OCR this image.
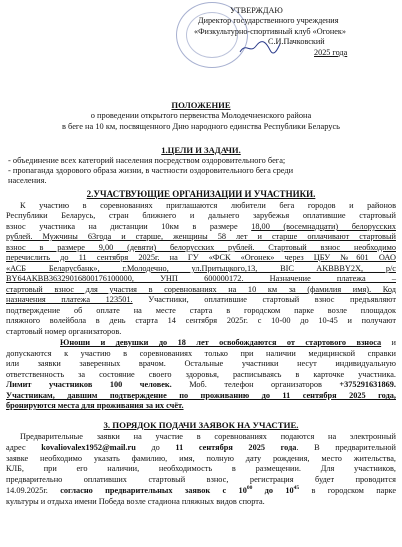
УТВЕРЖДАЮ
Директор государственного учреждения
«Физкультурно-спортивный клуб «Огонек»
С.И.Пачковский
2025 года
ПОЛОЖЕНИЕ
о проведении открытого первенства Молодечненского района
в беге на 10 км, посвященного Дню народного единства Республики Беларусь
1.ЦЕЛИ И ЗАДАЧИ.
- объединение всех категорий населения посредством оздоровительного бега;
- пропаганда здорового образа жизни, в частности оздоровительного бега среди
населения.
2.УЧАСТВУЮЩИЕ ОРГАНИЗАЦИИ И УЧАСТНИКИ.
К участию в соревнованиях приглашаются любители бега городов и районов
Республики Беларусь, стран ближнего и дальнего зарубежья оплатившие стартовый
взнос участника на дистанции 10км в размере 18,00 (восемнадцати) белорусских
рублей. Мужчины 63года и старше, женщины 58 лет и старше оплачивают стартовый
взнос в размере 9,00 (девяти) белорусских рублей. Стартовый взнос необходимо
перечислить до 11 сентября 2025г. на ГУ «ФСК «Огонек» через ЦБУ №601 ОАО
«АСБ Беларусбанк», г.Молодечно, ул.Притыцкого,13, BIC AKBBBY2X, р/с
BY64AKBB36329016800176100000, УНП 600000172. Назначение платежа –
стартовый взнос для участия в соревнованиях на 10 км за (фамилия имя). Код
назначения платежа 123501. Участники, оплатившие стартовый взнос предъявляют
подтверждение об оплате на месте старта в городском парке возле площадок
пляжного волейбола в день старта 14 сентября 2025г. с 10-00 до 10-45 и получают
стартовый номер организаторов.
Юноши и девушки до 18 лет освобождаются от стартового взноса и
допускаются к участию в соревнованиях только при наличии медицинской справки
или заявки заверенных врачом. Остальные участники несут индивидуальную
ответственность за состояние своего здоровья, расписываясь в карточке участника.
Лимит участников 100 человек. Моб. телефон организаторов +375291631869.
Участникам, давшим подтверждение по проживанию до 11 сентября 2025 года,
бронируются места для проживания за их счёт.
3. ПОРЯДОК ПОДАЧИ ЗАЯВОК НА УЧАСТИЕ.
Предварительные заявки на участие в соревнованиях подаются на электронный
адрес kovaliovalex1952@mail.ru до 11 сентября 2025 года. В предварительной
заявке необходимо указать фамилию, имя, полную дату рождения, место жительства,
КЛБ, при его наличии, необходимость в размещении. Для участников,
предварительно оплативших стартовый взнос, регистрация будет проводится
14.09.2025г. согласно предварительных заявок с $10^{00}$ до $10^{45}$ в городском парке
культуры и отдыха имени Победа возле стадиона пляжных видов спорта.
